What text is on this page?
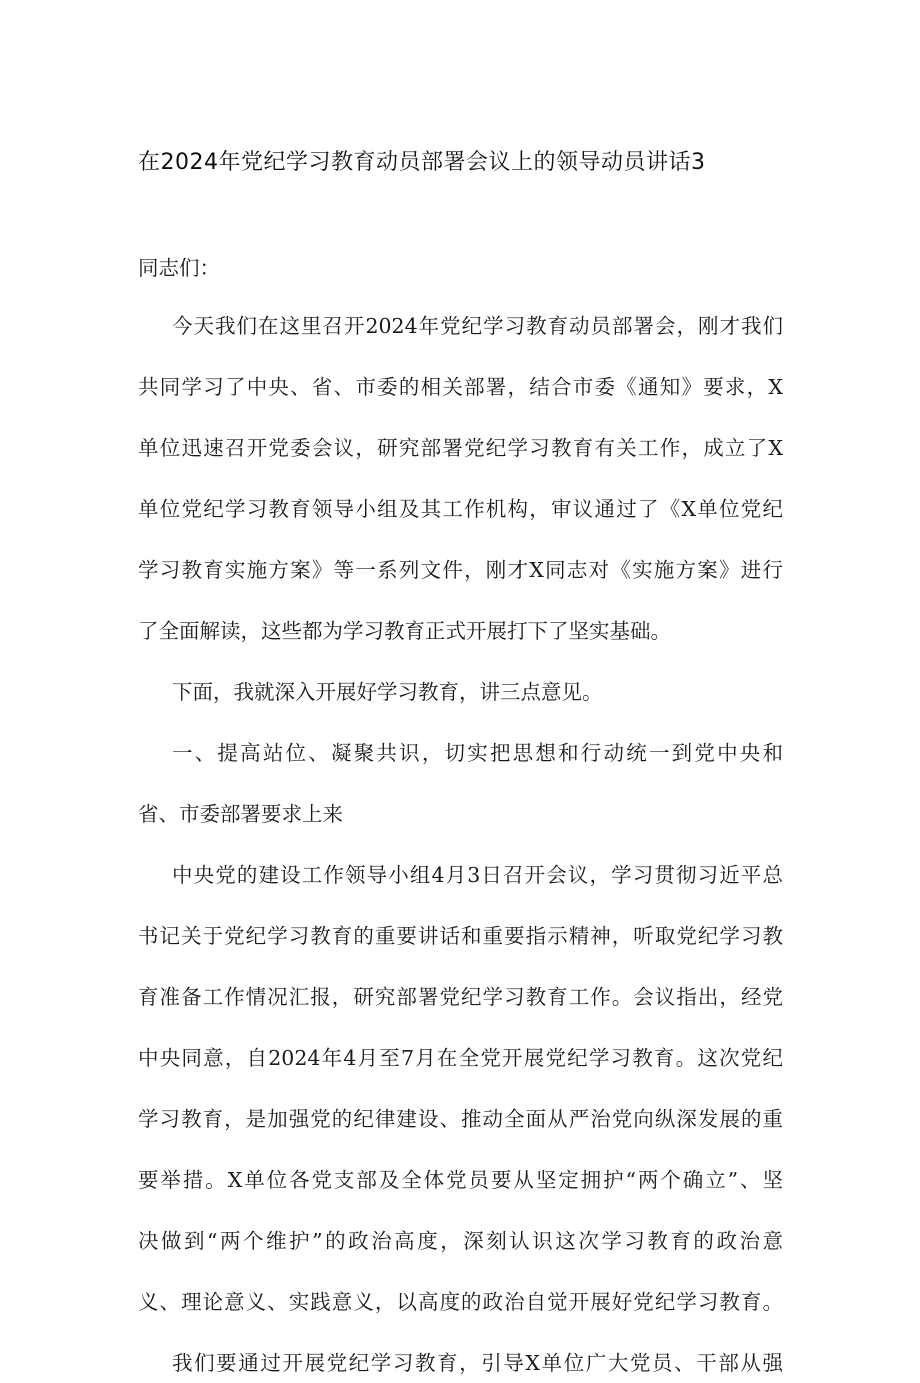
在2024年党纪学习教育动员部署会议上的领导动员讲话3

同志们：

今天我们在这里召开2024年党纪学习教育动员部署会，刚才我们
共同学习了中央、省、市委的相关部署，结合市委《通知》要求，X
单位迅速召开党委会议，研究部署党纪学习教育有关工作，成立了X
单位党纪学习教育领导小组及其工作机构，审议通过了《X单位党纪
学习教育实施方案》等一系列文件，刚才X同志对《实施方案》进行
了全面解读，这些都为学习教育正式开展打下了坚实基础。
下面，我就深入开展好学习教育，讲三点意见。
一、提高站位、凝聚共识，切实把思想和行动统一到党中央和
省、市委部署要求上来
中央党的建设工作领导小组4月3日召开会议，学习贯彻习近平总
书记关于党纪学习教育的重要讲话和重要指示精神，听取党纪学习教
育准备工作情况汇报，研究部署党纪学习教育工作。会议指出，经党
中央同意，自2024年4月至7月在全党开展党纪学习教育。这次党纪
学习教育，是加强党的纪律建设、推动全面从严治党向纵深发展的重
要举措。X单位各党支部及全体党员要从坚定拥护“两个确立”、坚
决做到“两个维护”的政治高度，深刻认识这次学习教育的政治意
义、理论意义、实践意义，以高度的政治自觉开展好党纪学习教育。
我们要通过开展党纪学习教育，引导X单位广大党员、干部从强
